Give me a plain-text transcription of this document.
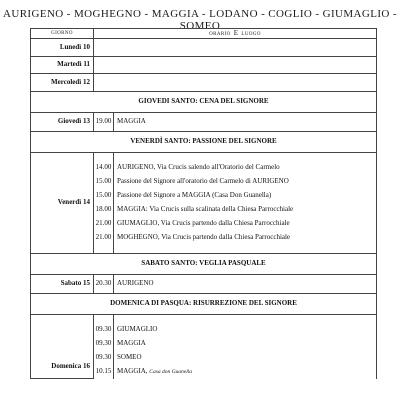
AURIGENO - MOGHEGNO - MAGGIA - LODANO - COGLIO - GIUMAGLIO - SOMEO
GIORNO	ORARIO E LUOGO	
Lunedì 10		
Martedì 11		
Mercoledì 12		
GIOVEDI SANTO: CENA DEL SIGNORE		
Giovedì 13	19.00	MAGGIA
VENERDÌ SANTO: PASSIONE DEL SIGNORE		
Venerdì 14		
	14.00	AURIGENO, Via Crucis salendo all'Oratorio del Carmelo
	15.00	Passione del Signore all'oratorio del Carmelo di AURIGENO
	15.00	Passione del Signore a MAGGIA (Casa Don Guanella)
	18.00	MAGGIA: Via Crucis sulla scalinata della Chiesa Parrocchiale
	21.00	GIUMAGLIO, Via Crucis partendo dalla Chiesa Parrocchiale
	21.00	MOGHEGNO, Via Crucis partendo dalla Chiesa Parrocchiale

SABATO SANTO: VEGLIA PASQUALE		
Sabato 15	20.30	AURIGENO
DOMENICA DI PASQUA: RISURREZIONE DEL SIGNORE		
Domenica 16		
	09.30	GIUMAGLIO
	09.30	MAGGIA
	09.30	SOMEO
	10.15	MAGGIA, Casa don Guanella
